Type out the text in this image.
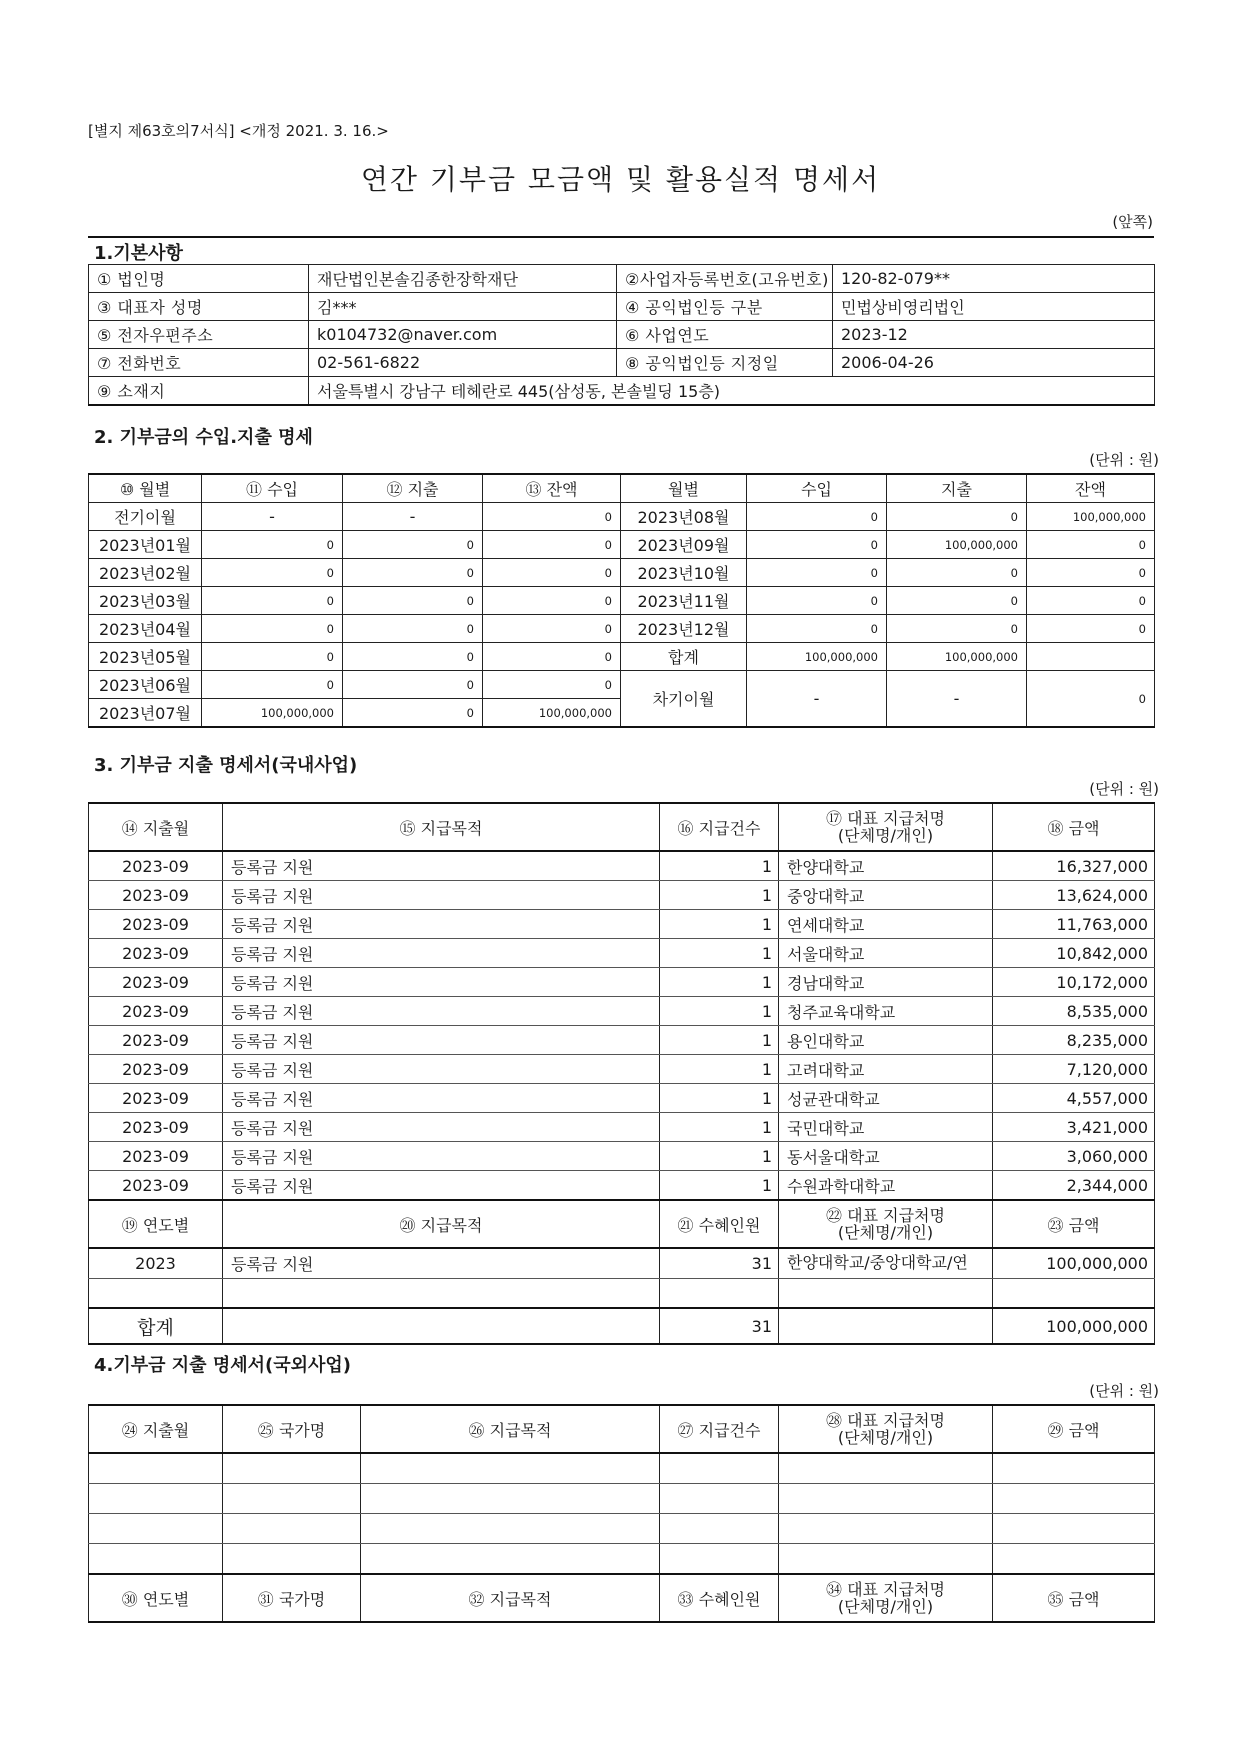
[별지 제63호의7서식] <개정 2021. 3. 16.>
연간 기부금 모금액 및 활용실적 명세서
(앞쪽)
1.기본사항
① 법인명	재단법인본솔김종한장학재단	②사업자등록번호(고유번호)	120-82-079**
③ 대표자 성명	김***	④ 공익법인등 구분	민법상비영리법인
⑤ 전자우편주소	k0104732@naver.com	⑥ 사업연도	2023-12
⑦ 전화번호	02-561-6822	⑧ 공익법인등 지정일	2006-04-26
⑨ 소재지	서울특별시 강남구 테헤란로 445(삼성동, 본솔빌딩 15층)		
2. 기부금의 수입.지출 명세
(단위 : 원)
⑩ 월별	⑪ 수입	⑫ 지출	⑬ 잔액	월별	수입	지출	잔액
전기이월	-	-	0	2023년08월	0	0	100,000,000
2023년01월	0	0	0	2023년09월	0	100,000,000	0
2023년02월	0	0	0	2023년10월	0	0	0
2023년03월	0	0	0	2023년11월	0	0	0
2023년04월	0	0	0	2023년12월	0	0	0
2023년05월	0	0	0	합계	100,000,000	100,000,000	
2023년06월	0	0	0	차기이월	-	-	0
2023년07월	100,000,000	0	100,000,000				
3. 기부금 지출 명세서(국내사업)
(단위 : 원)
⑭ 지출월	⑮ 지급목적	⑯ 지급건수	⑰ 대표 지급처명
(단체명/개인)	⑱ 금액
2023-09	등록금 지원	1	한양대학교	16,327,000
2023-09	등록금 지원	1	중앙대학교	13,624,000
2023-09	등록금 지원	1	연세대학교	11,763,000
2023-09	등록금 지원	1	서울대학교	10,842,000
2023-09	등록금 지원	1	경남대학교	10,172,000
2023-09	등록금 지원	1	청주교육대학교	8,535,000
2023-09	등록금 지원	1	용인대학교	8,235,000
2023-09	등록금 지원	1	고려대학교	7,120,000
2023-09	등록금 지원	1	성균관대학교	4,557,000
2023-09	등록금 지원	1	국민대학교	3,421,000
2023-09	등록금 지원	1	동서울대학교	3,060,000
2023-09	등록금 지원	1	수원과학대학교	2,344,000
⑲ 연도별	⑳ 지급목적	㉑ 수혜인원	㉒ 대표 지급처명
(단체명/개인)	㉓ 금액
2023	등록금 지원	31	한양대학교/중앙대학교/연	100,000,000

합계		31		100,000,000
4.기부금 지출 명세서(국외사업)
(단위 : 원)
㉔ 지출월	㉕ 국가명	㉖ 지급목적	㉗ 지급건수	㉘ 대표 지급처명
(단체명/개인)	㉙ 금액

㉚ 연도별	㉛ 국가명	㉜ 지급목적	㉝ 수혜인원	㉞ 대표 지급처명
(단체명/개인)	㉟ 금액
